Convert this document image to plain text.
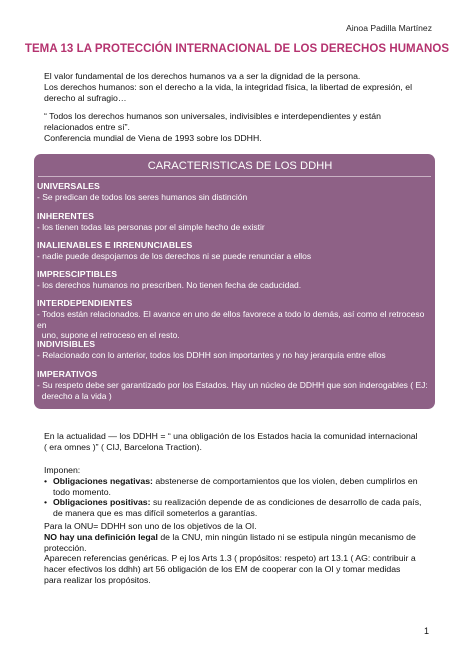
Ainoa Padilla Martínez
TEMA 13 LA PROTECCIÓN INTERNACIONAL DE LOS DERECHOS HUMANOS

El valor fundamental de los derechos humanos va a ser la dignidad de la persona.

Los derechos humanos: son el derecho a la vida, la integridad física, la libertad de expresión, el

derecho al sufragio…

“ Todos los derechos humanos son universales, indivisibles e interdependientes y están

relacionados entre sí”.

Conferencia mundial de Viena de 1993 sobre los DDHH.

CARACTERISTICAS DE LOS DDHH
UNIVERSALES
- Se predican de todos los seres humanos sin distinción
INHERENTES
- los tienen todas las personas por el simple hecho de existir
INALIENABLES E IRRENUNCIABLES
- nadie puede despojarnos de los derechos ni se puede renunciar a ellos
IMPRESCIPTIBLES
- los derechos humanos no prescriben. No tienen fecha de caducidad.
INTERDEPENDIENTES
- Todos están relacionados. El avance en uno de ellos favorece a todo lo demás, así como el retroceso en
uno, supone el retroceso en el resto.
INDIVISIBLES
- Relacionado con lo anterior, todos los DDHH son importantes y no hay jerarquía entre ellos
IMPERATIVOS
- Su respeto debe ser garantizado por los Estados. Hay un núcleo de DDHH que son inderogables ( EJ:
derecho a la vida )

En la actualidad — los DDHH = “ una obligación de los Estados hacia la comunidad internacional

( era omnes )” ( CIJ, Barcelona Traction).

Imponen:
• Obligaciones negativas: abstenerse de comportamientos que los violen, deben cumplirlos en
todo momento.
• Obligaciones positivas: su realización depende de as condiciones de desarrollo de cada país,
de manera que es mas difícil someterlos a garantías.
Para la ONU= DDHH son uno de los objetivos de la OI.
NO hay una definición legal de la CNU, min ningún listado ni se estipula ningún mecanismo de
protección.
Aparecen referencias genéricas. P ej los Arts 1.3 ( propósitos: respeto) art 13.1 ( AG: contribuir a
hacer efectivos los ddhh) art 56 obligación de los EM de cooperar con la OI y tomar medidas
para realizar los propósitos.
1
